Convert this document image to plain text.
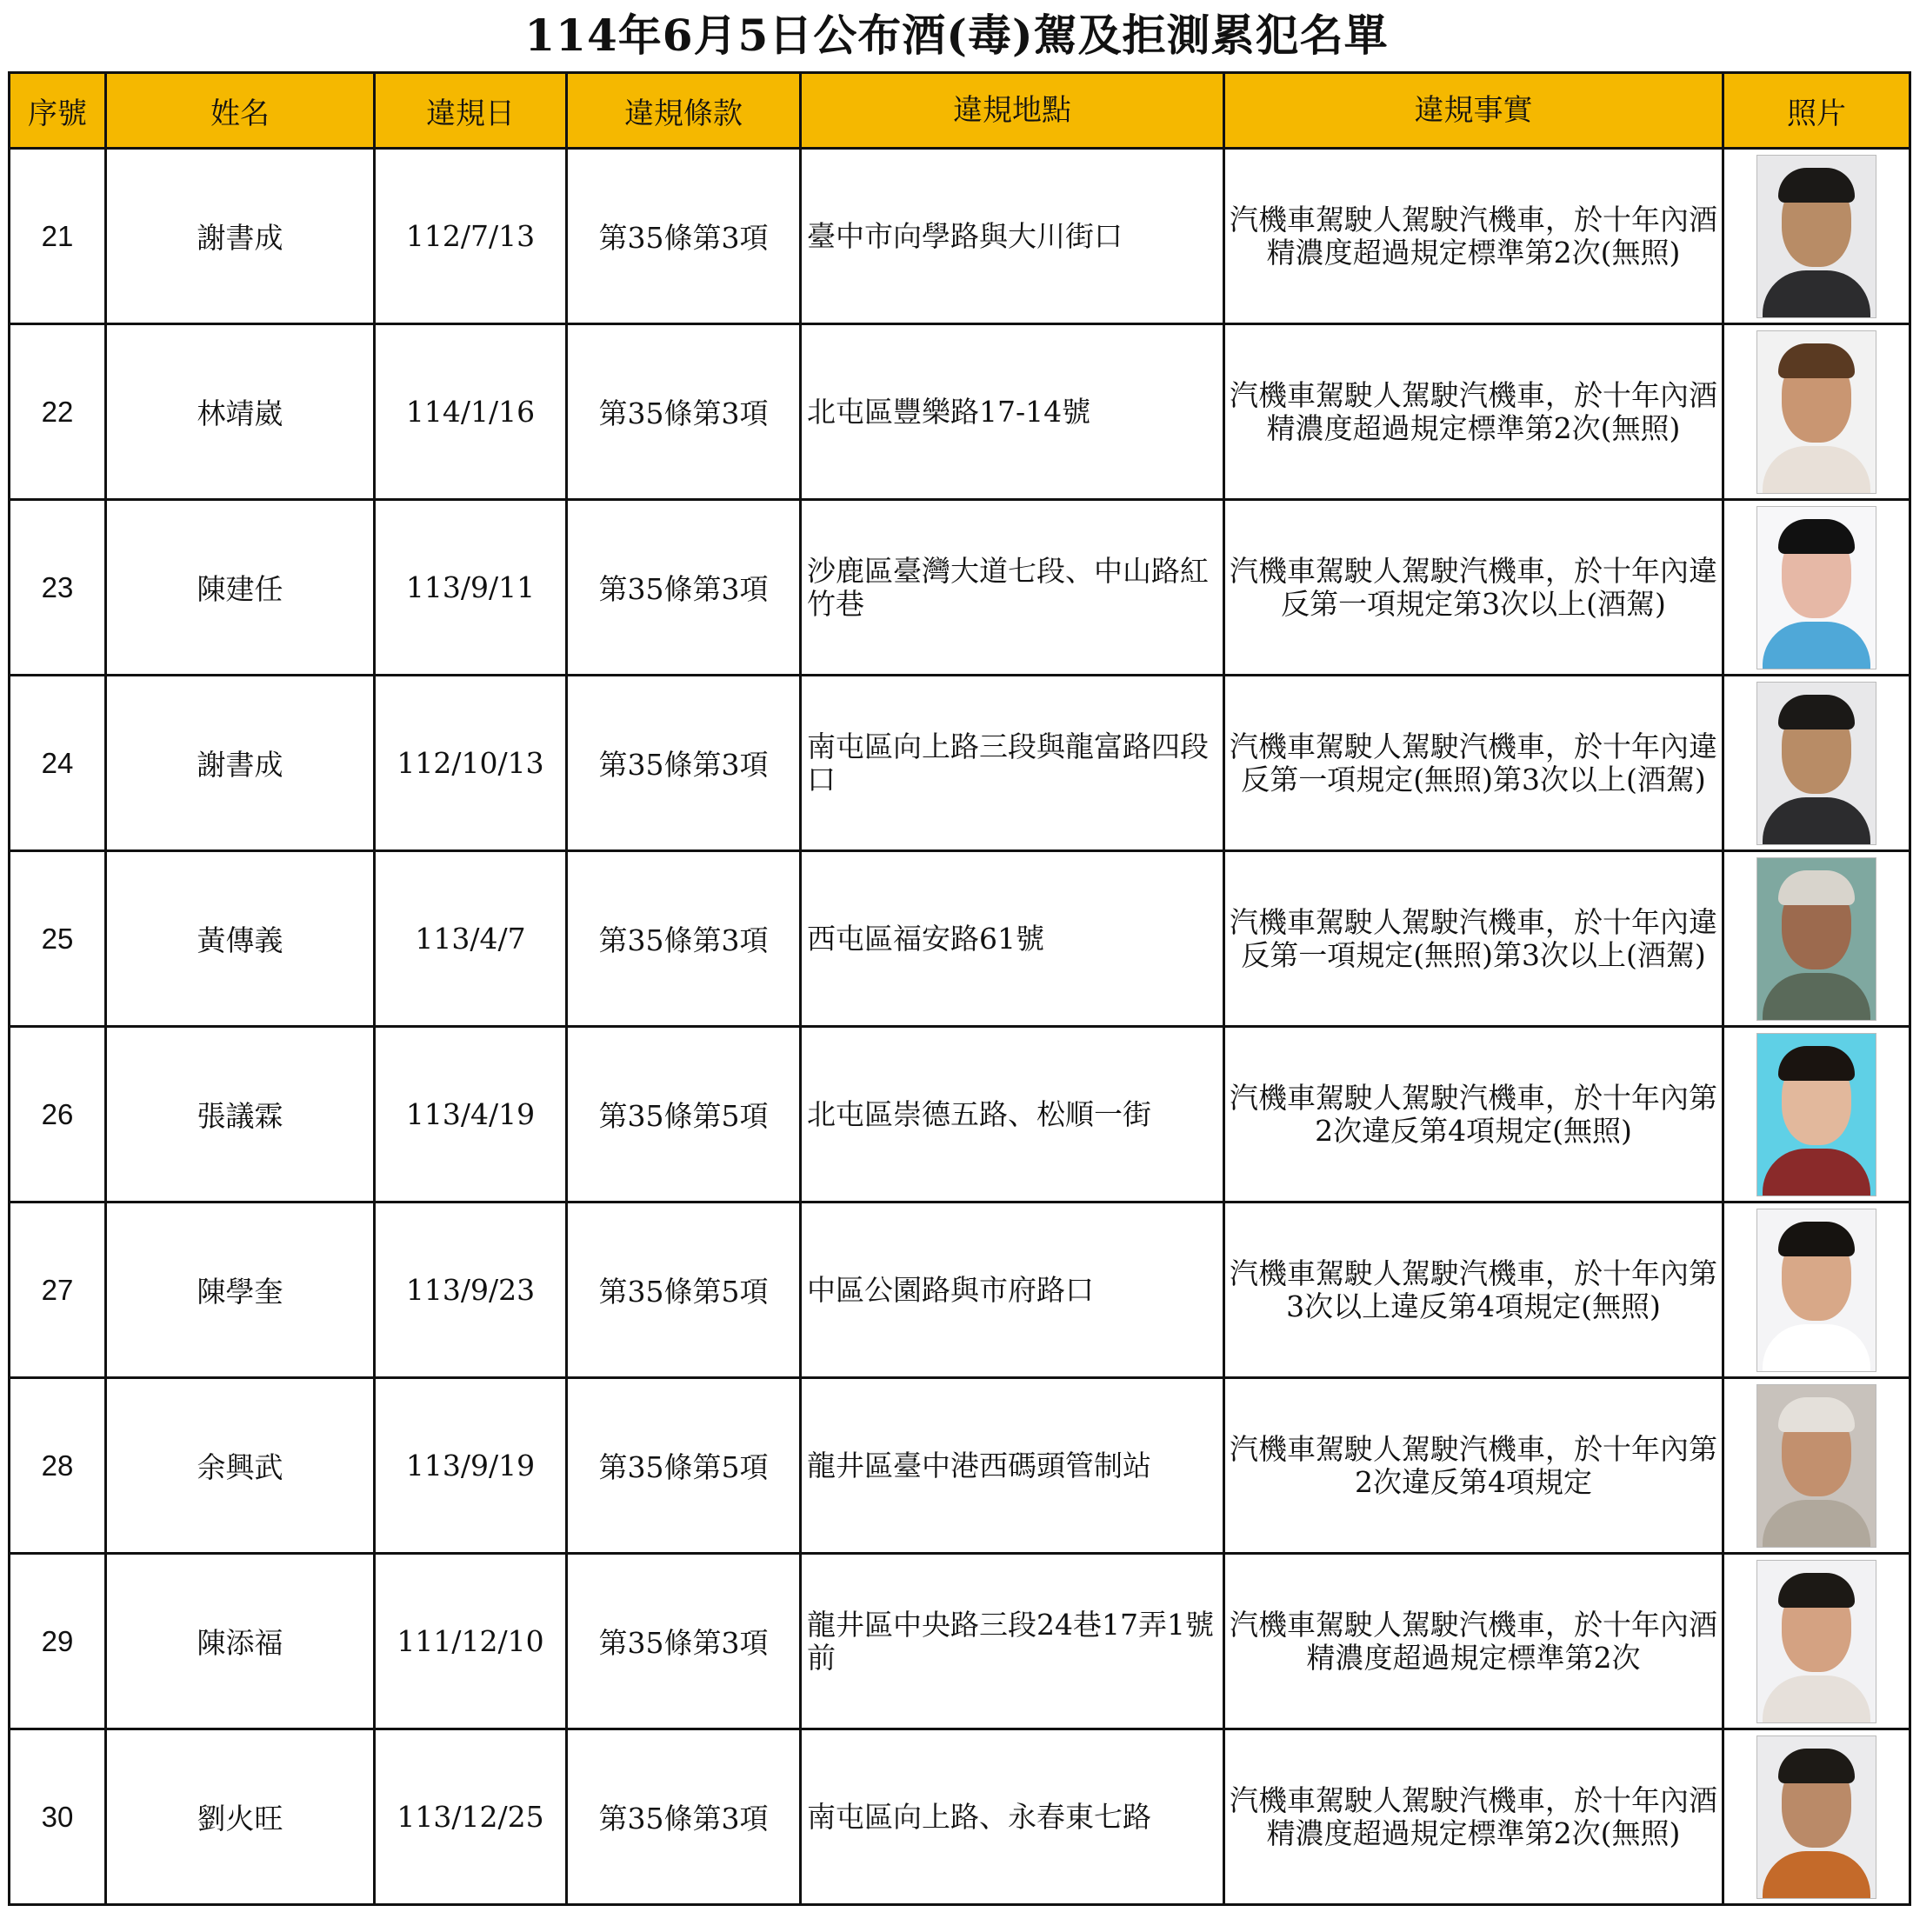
114年6月5日公布酒(毒)駕及拒測累犯名單
序號	姓名	違規日	違規條款	違規地點	違規事實	照片
21	謝書成	112/7/13	第35條第3項	臺中市向學路與大川街口	汽機車駕駛人駕駛汽機車，於十年內酒精濃度超過規定標準第2次(無照)	

22	林靖崴	114/1/16	第35條第3項	北屯區豐樂路17-14號	汽機車駕駛人駕駛汽機車，於十年內酒精濃度超過規定標準第2次(無照)	

23	陳建任	113/9/11	第35條第3項	沙鹿區臺灣大道七段、中山路紅竹巷	汽機車駕駛人駕駛汽機車，於十年內違反第一項規定第3次以上(酒駕)	

24	謝書成	112/10/13	第35條第3項	南屯區向上路三段與龍富路四段口	汽機車駕駛人駕駛汽機車，於十年內違反第一項規定(無照)第3次以上(酒駕)	

25	黃傳義	113/4/7	第35條第3項	西屯區福安路61號	汽機車駕駛人駕駛汽機車，於十年內違反第一項規定(無照)第3次以上(酒駕)	

26	張議霖	113/4/19	第35條第5項	北屯區崇德五路、松順一街	汽機車駕駛人駕駛汽機車，於十年內第2次違反第4項規定(無照)	

27	陳學奎	113/9/23	第35條第5項	中區公園路與市府路口	汽機車駕駛人駕駛汽機車，於十年內第3次以上違反第4項規定(無照)	

28	余興武	113/9/19	第35條第5項	龍井區臺中港西碼頭管制站	汽機車駕駛人駕駛汽機車，於十年內第2次違反第4項規定	

29	陳添福	111/12/10	第35條第3項	龍井區中央路三段24巷17弄1號前	汽機車駕駛人駕駛汽機車，於十年內酒精濃度超過規定標準第2次	

30	劉火旺	113/12/25	第35條第3項	南屯區向上路、永春東七路	汽機車駕駛人駕駛汽機車，於十年內酒精濃度超過規定標準第2次(無照)	
